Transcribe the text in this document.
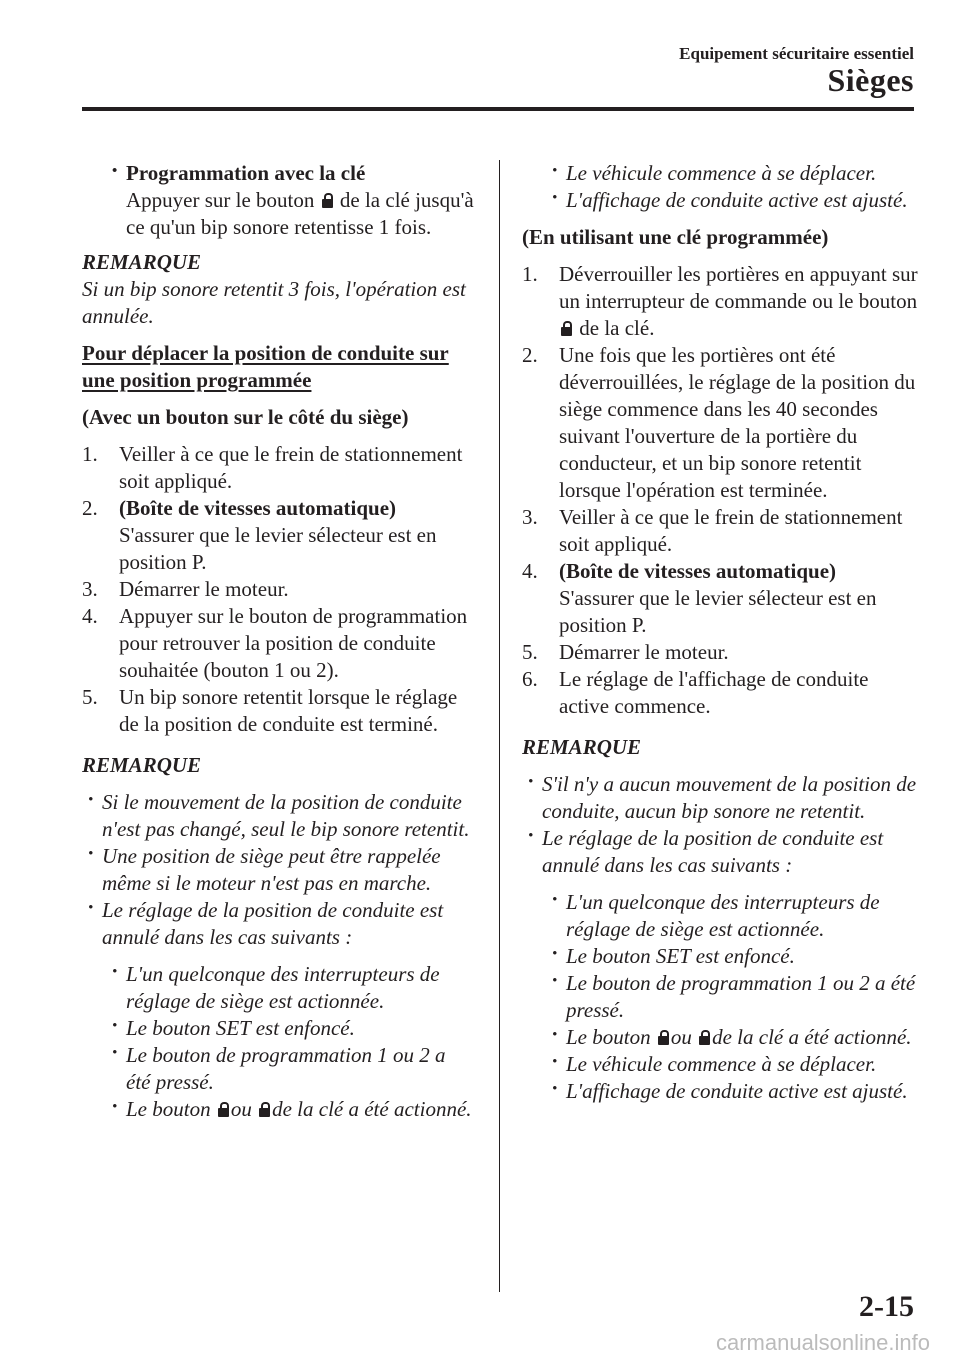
Equipement sécuritaire essentiel
Sièges

• Programmation avec la clé

Appuyer sur le bouton de la clé jusqu'à ce qu'un bip sonore retentisse 1 fois.

REMARQUE

Si un bip sonore retentit 3 fois, l'opération est annulée.

Pour déplacer la position de conduite sur une position programmée

(Avec un bouton sur le côté du siège)

1. Veiller à ce que le frein de stationnement soit appliqué.
2. (Boîte de vitesses automatique)
S'assurer que le levier sélecteur est en position P.
3. Démarrer le moteur.
4. Appuyer sur le bouton de programmation pour retrouver la position de conduite souhaitée (bouton 1 ou 2).
5. Un bip sonore retentit lorsque le réglage de la position de conduite est terminé.

REMARQUE

• Si le mouvement de la position de conduite n'est pas changé, seul le bip sonore retentit.

• Une position de siège peut être rappelée même si le moteur n'est pas en marche.

• Le réglage de la position de conduite est annulé dans les cas suivants :

• L'un quelconque des interrupteurs de réglage de siège est actionnée.

• Le bouton SET est enfoncé.

• Le bouton de programmation 1 ou 2 a été pressé.

• Le bouton ou de la clé a été actionné.

• Le véhicule commence à se déplacer.

• L'affichage de conduite active est ajusté.

(En utilisant une clé programmée)

1. Déverrouiller les portières en appuyant sur un interrupteur de commande ou le bouton  de la clé.
2. Une fois que les portières ont été déverrouillées, le réglage de la position du siège commence dans les 40 secondes suivant l'ouverture de la portière du conducteur, et un bip sonore retentit lorsque l'opération est terminée.
3. Veiller à ce que le frein de stationnement soit appliqué.
4. (Boîte de vitesses automatique)
S'assurer que le levier sélecteur est en position P.
5. Démarrer le moteur.
6. Le réglage de l'affichage de conduite active commence.

REMARQUE

• S'il n'y a aucun mouvement de la position de conduite, aucun bip sonore ne retentit.

• Le réglage de la position de conduite est annulé dans les cas suivants :

• L'un quelconque des interrupteurs de réglage de siège est actionnée.

• Le bouton SET est enfoncé.

• Le bouton de programmation 1 ou 2 a été pressé.

• Le bouton ou de la clé a été actionné.

• Le véhicule commence à se déplacer.

• L'affichage de conduite active est ajusté.

2-15
carmanualsonline.info
